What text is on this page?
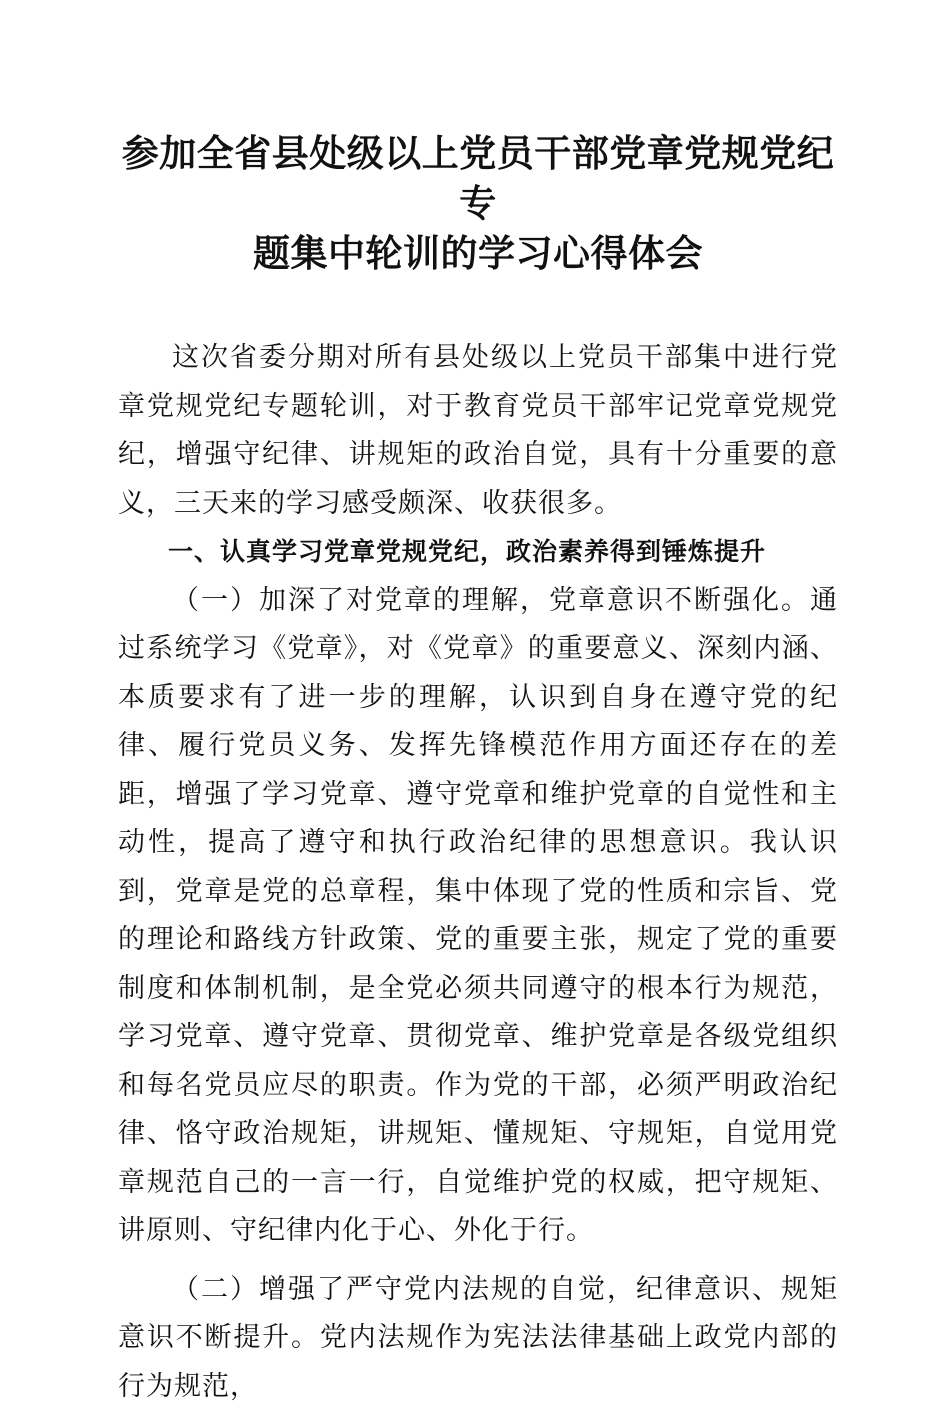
参加全省县处级以上党员干部党章党规党纪专
题集中轮训的学习心得体会

这次省委分期对所有县处级以上党员干部集中进行党章党规党纪专题轮训，对于教育党员干部牢记党章党规党纪，增强守纪律、讲规矩的政治自觉，具有十分重要的意义，三天来的学习感受颇深、收获很多。

一、认真学习党章党规党纪，政治素养得到锤炼提升

（一）加深了对党章的理解，党章意识不断强化。通过系统学习《党章》，对《党章》的重要意义、深刻内涵、本质要求有了进一步的理解，认识到自身在遵守党的纪律、履行党员义务、发挥先锋模范作用方面还存在的差距，增强了学习党章、遵守党章和维护党章的自觉性和主动性，提高了遵守和执行政治纪律的思想意识。我认识到，党章是党的总章程，集中体现了党的性质和宗旨、党的理论和路线方针政策、党的重要主张，规定了党的重要制度和体制机制，是全党必须共同遵守的根本行为规范，学习党章、遵守党章、贯彻党章、维护党章是各级党组织和每名党员应尽的职责。作为党的干部，必须严明政治纪律、恪守政治规矩，讲规矩、懂规矩、守规矩，自觉用党章规范自己的一言一行，自觉维护党的权威，把守规矩、讲原则、守纪律内化于心、外化于行。

（二）增强了严守党内法规的自觉，纪律意识、规矩意识不断提升。党内法规作为宪法法律基础上政党内部的行为规范，
